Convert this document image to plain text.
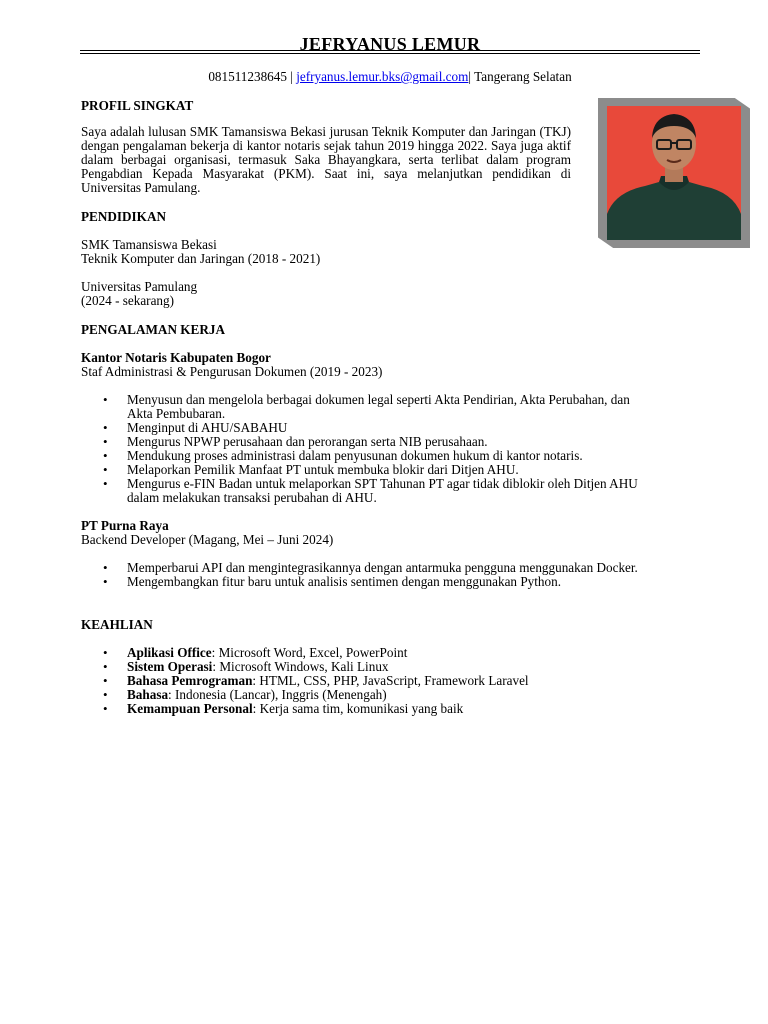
JEFRYANUS LEMUR
081511238645 | jefryanus.lemur.bks@gmail.com| Tangerang Selatan
PROFIL SINGKAT
Saya adalah lulusan SMK Tamansiswa Bekasi jurusan Teknik Komputer dan Jaringan (TKJ) dengan pengalaman bekerja di kantor notaris sejak tahun 2019 hingga 2022. Saya juga aktif dalam berbagai organisasi, termasuk Saka Bhayangkara, serta terlibat dalam program Pengabdian Kepada Masyarakat (PKM). Saat ini, saya melanjutkan pendidikan di Universitas Pamulang.
PENDIDIKAN
SMK Tamansiswa Bekasi
Teknik Komputer dan Jaringan (2018 - 2021)
Universitas Pamulang
(2024 - sekarang)
PENGALAMAN KERJA
Kantor Notaris Kabupaten Bogor
Staf Administrasi & Pengurusan Dokumen (2019 - 2023)
• Menyusun dan mengelola berbagai dokumen legal seperti Akta Pendirian, Akta Perubahan, dan Akta Pembubaran.
• Menginput di AHU/SABAHU
• Mengurus NPWP perusahaan dan perorangan serta NIB perusahaan.
• Mendukung proses administrasi dalam penyusunan dokumen hukum di kantor notaris.
• Melaporkan Pemilik Manfaat PT untuk membuka blokir dari Ditjen AHU.
• Mengurus e-FIN Badan untuk melaporkan SPT Tahunan PT agar tidak diblokir oleh Ditjen AHU dalam melakukan transaksi perubahan di AHU.
PT Purna Raya
Backend Developer (Magang, Mei – Juni 2024)
• Memperbarui API dan mengintegrasikannya dengan antarmuka pengguna menggunakan Docker.
• Mengembangkan fitur baru untuk analisis sentimen dengan menggunakan Python.
KEAHLIAN
• Aplikasi Office: Microsoft Word, Excel, PowerPoint
• Sistem Operasi: Microsoft Windows, Kali Linux
• Bahasa Pemrograman: HTML, CSS, PHP, JavaScript, Framework Laravel
• Bahasa: Indonesia (Lancar), Inggris (Menengah)
• Kemampuan Personal: Kerja sama tim, komunikasi yang baik
